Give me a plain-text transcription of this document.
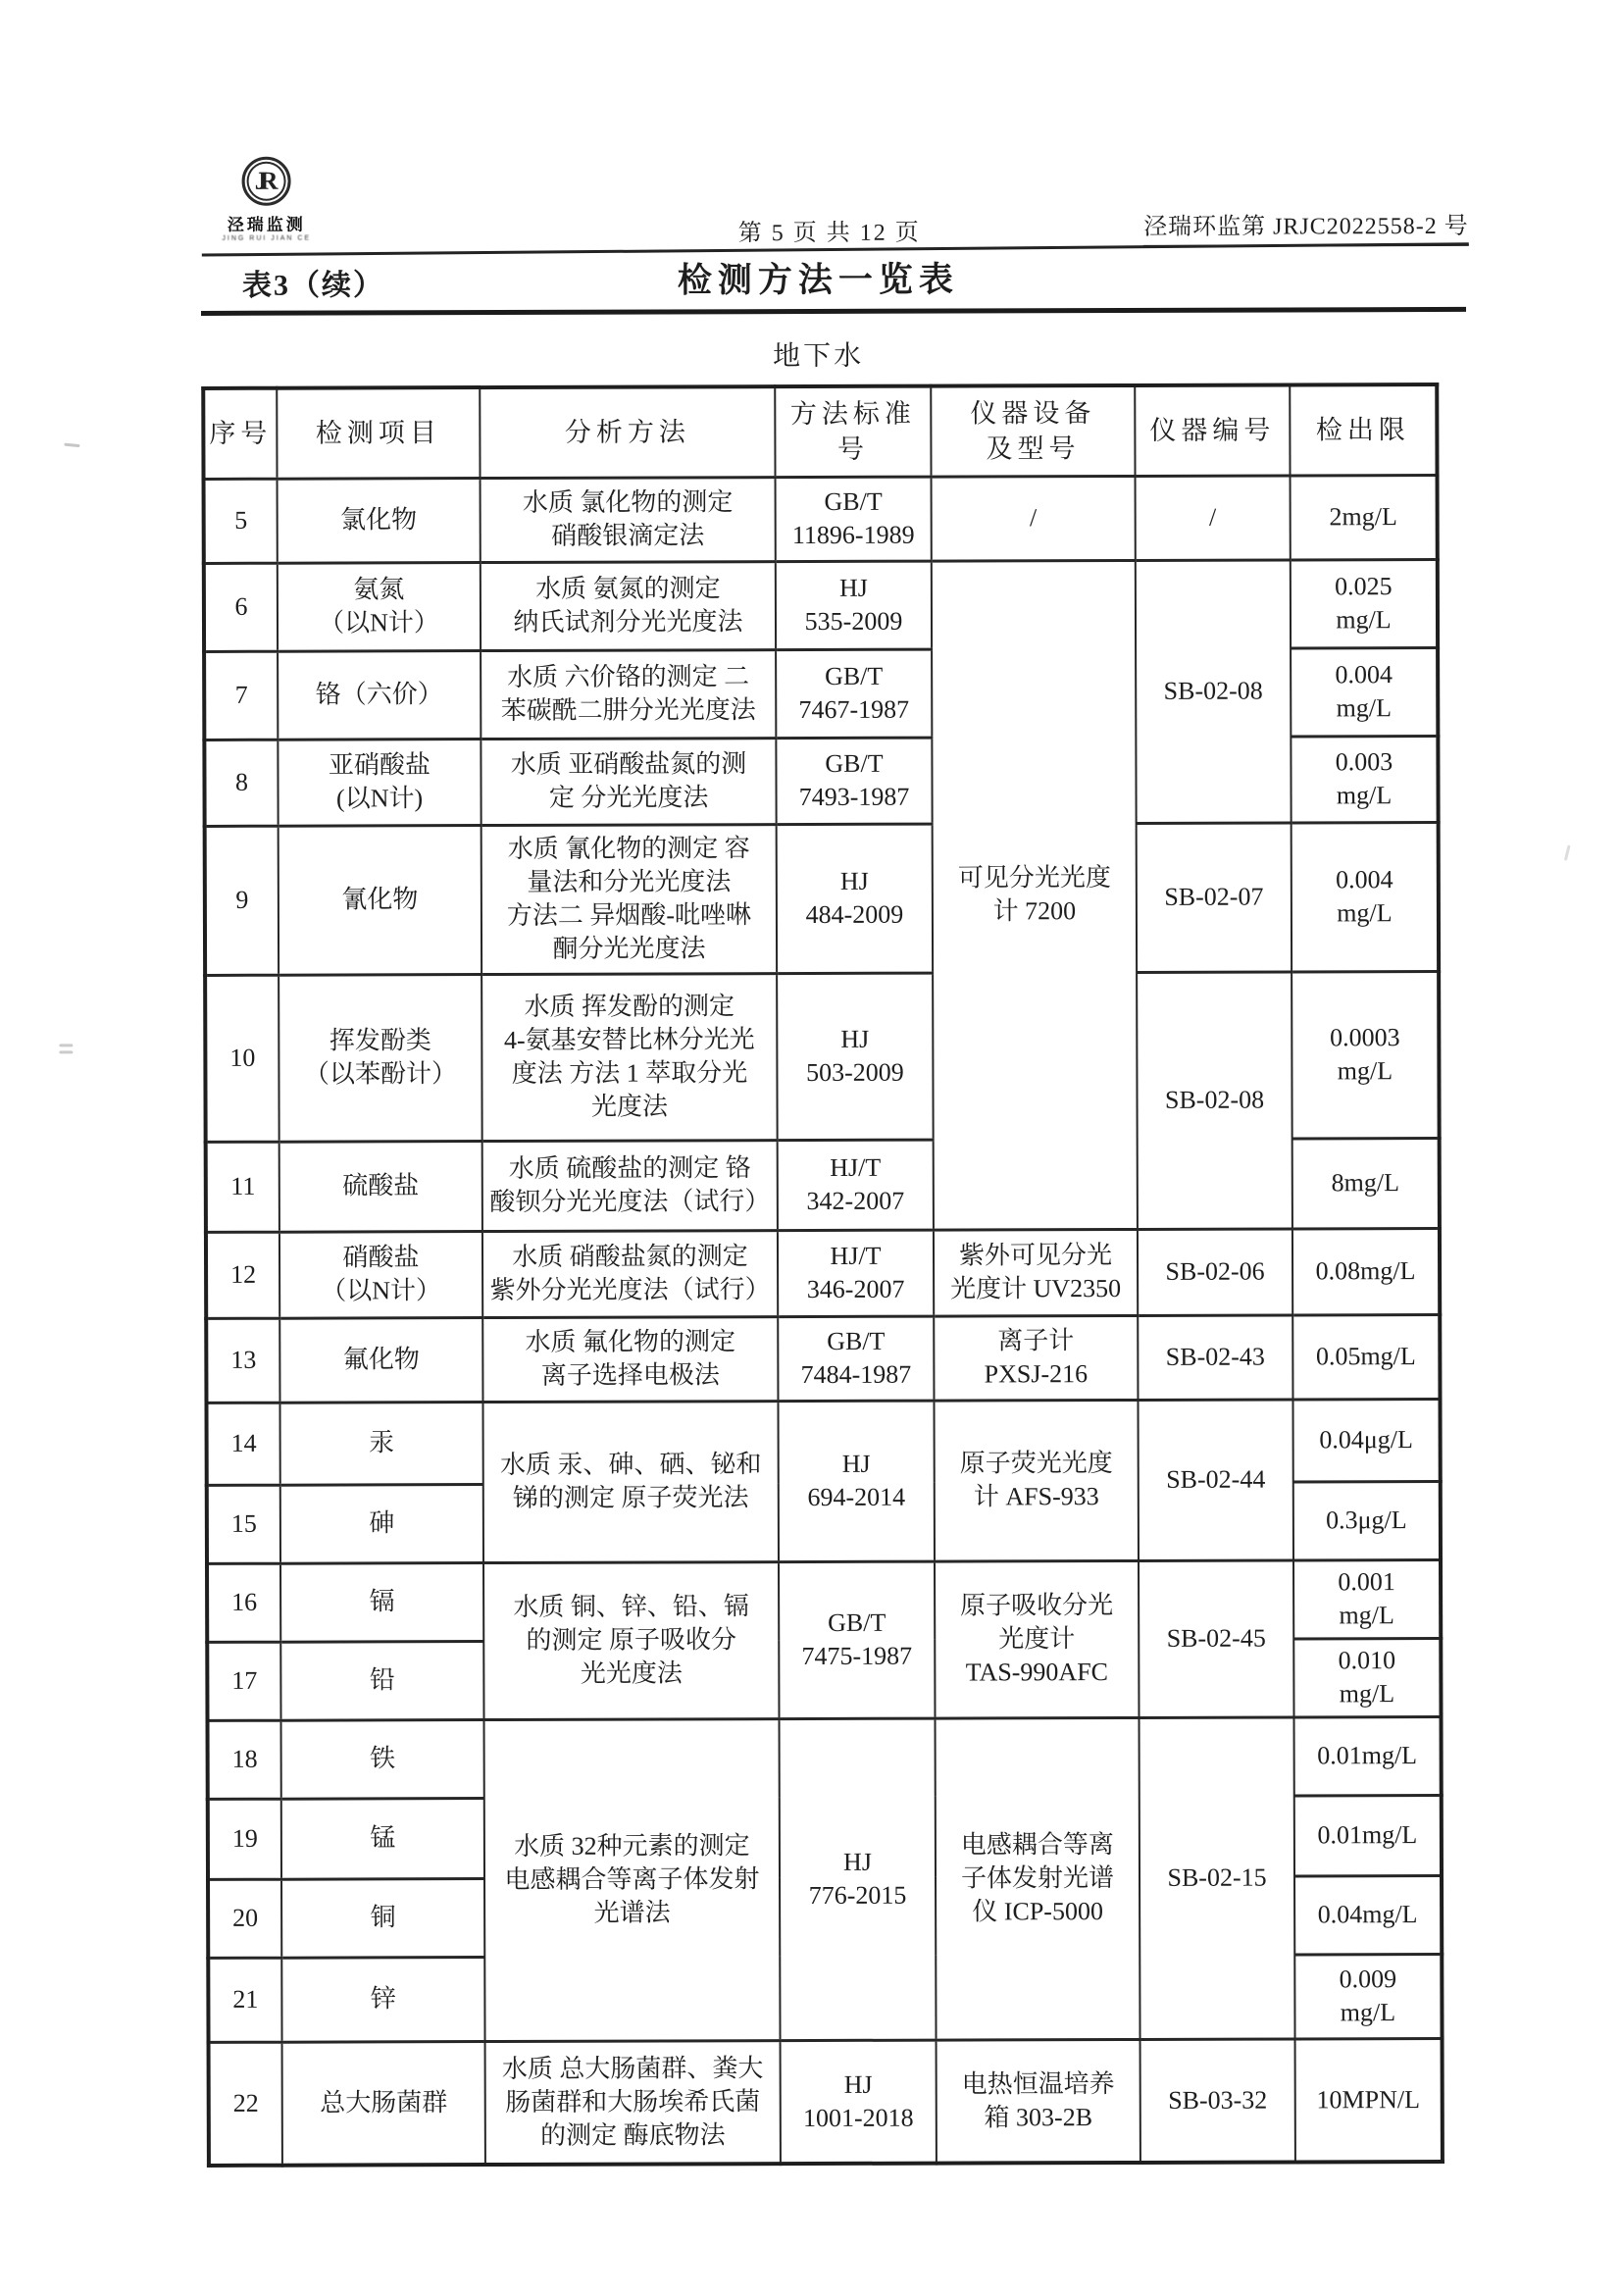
JR
泾瑞监测
JING RUI JIAN CE	第 5 页 共 12 页	泾瑞环监第 JRJC2022558-2 号
表3（续）	检测方法一览表
地下水
序号	检测项目	分析方法	方法标准号	仪器设备
及型号	仪器编号	检出限
5	氯化物	水质 氯化物的测定
硝酸银滴定法	GB/T
11896-1989	/	/	2mg/L
6	氨氮
（以N计）	水质 氨氮的测定
纳氏试剂分光光度法	HJ
535-2009	可见分光光度
计 7200	SB-02-08	0.025
mg/L
7	铬（六价）	水质 六价铬的测定 二
苯碳酰二肼分光光度法	GB/T
7467-1987			0.004
mg/L
8	亚硝酸盐
(以N计)	水质 亚硝酸盐氮的测
定 分光光度法	GB/T
7493-1987			0.003
mg/L
9	氰化物	水质 氰化物的测定 容
量法和分光光度法
方法二 异烟酸-吡唑啉
酮分光光度法	HJ
484-2009		SB-02-07	0.004
mg/L
10	挥发酚类
（以苯酚计）	水质 挥发酚的测定
4-氨基安替比林分光光
度法 方法 1 萃取分光
光度法	HJ
503-2009		SB-02-08	0.0003
mg/L
11	硫酸盐	水质 硫酸盐的测定 铬
酸钡分光光度法（试行）	HJ/T
342-2007			8mg/L
12	硝酸盐
（以N计）	水质 硝酸盐氮的测定
紫外分光光度法（试行）	HJ/T
346-2007	紫外可见分光
光度计 UV2350	SB-02-06	0.08mg/L
13	氟化物	水质 氟化物的测定
离子选择电极法	GB/T
7484-1987	离子计
PXSJ-216	SB-02-43	0.05mg/L
14	汞	水质 汞、砷、硒、铋和
锑的测定 原子荧光法	HJ
694-2014	原子荧光光度
计 AFS-933	SB-02-44	0.04μg/L
15	砷					0.3μg/L
16	镉	水质 铜、锌、铅、镉
的测定 原子吸收分
光光度法	GB/T
7475-1987	原子吸收分光
光度计
TAS-990AFC	SB-02-45	0.001
mg/L
17	铅					0.010
mg/L
18	铁	水质 32种元素的测定
电感耦合等离子体发射
光谱法	HJ
776-2015	电感耦合等离
子体发射光谱
仪 ICP-5000	SB-02-15	0.01mg/L
19	锰					0.01mg/L
20	铜					0.04mg/L
21	锌					0.009
mg/L
22	总大肠菌群	水质 总大肠菌群、粪大
肠菌群和大肠埃希氏菌
的测定 酶底物法	HJ
1001-2018	电热恒温培养
箱 303-2B	SB-03-32	10MPN/L
